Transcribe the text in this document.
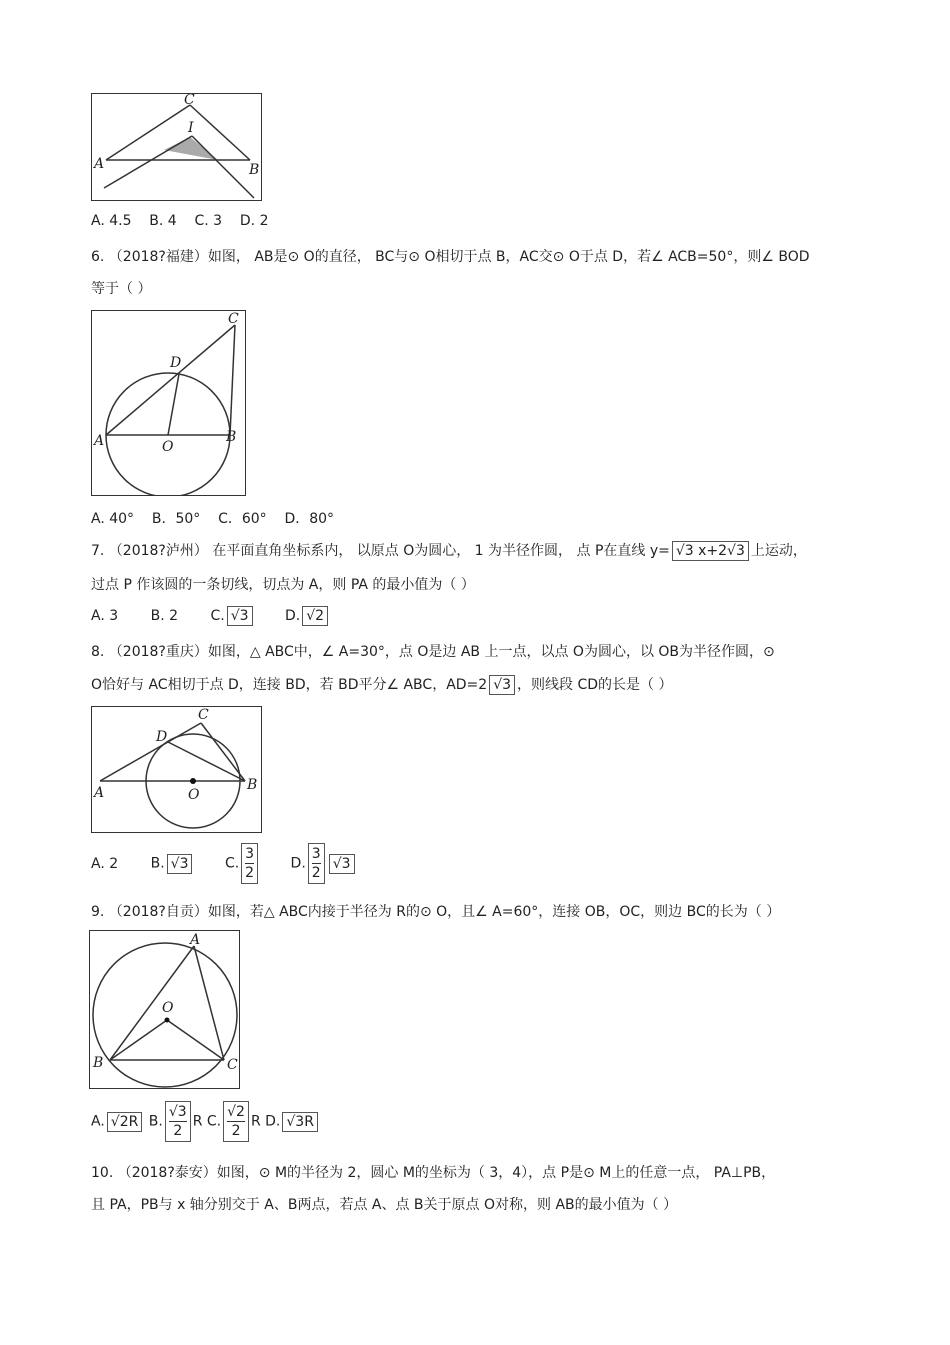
C
I
A	B
A. 4.5    B. 4    C. 3    D. 2
6. （2018?福建）如图， AB是⊙ O的直径， BC与⊙ O相切于点 B，AC交⊙ O于点 D，若∠ ACB=50°，则∠ BOD
等于（ ）
C
D
A	O
B
A. 40°    B．50°    C．60°    D．80°
7. （2018?泸州） 在平面直角坐标系内， 以原点 O为圆心， 1 为半径作圆， 点 P在直线 y= √3 x+2√3 上运动，
过点 P 作该圆的一条切线，切点为 A，则 PA 的最小值为（ ）
A. 3 B. 2 C. √3	D. √2
8. （2018?重庆）如图，△ ABC中，∠ A=30°，点 O是边 AB 上一点，以点 O为圆心，以 OB为半径作圆，⊙
O恰好与 AC相切于点 D，连接 BD，若 BD平分∠ ABC，AD=2 √3 ，则线段 CD的长是（ ）
C
D
A	O
B
A. 2 B. √3	C. $\frac{3}{2} D$. $\frac{3}{2} √3$
9. （2018?自贡）如图，若△ ABC内接于半径为 R的⊙ O，且∠ A=60°，连接 OB，OC，则边 BC的长为（ ）
A
O
B	C
A. √2R B. $\frac{√3}{2}$ R C. $\frac{√2}{2}$ R D. √3R
10. （2018?泰安）如图，⊙ M的半径为 2，圆心 M的坐标为（ 3，4），点 P是⊙ M上的任意一点， PA⊥PB，
且 PA，PB与 x 轴分别交于 A、B两点，若点 A、点 B关于原点 O对称，则 AB的最小值为（ ）
